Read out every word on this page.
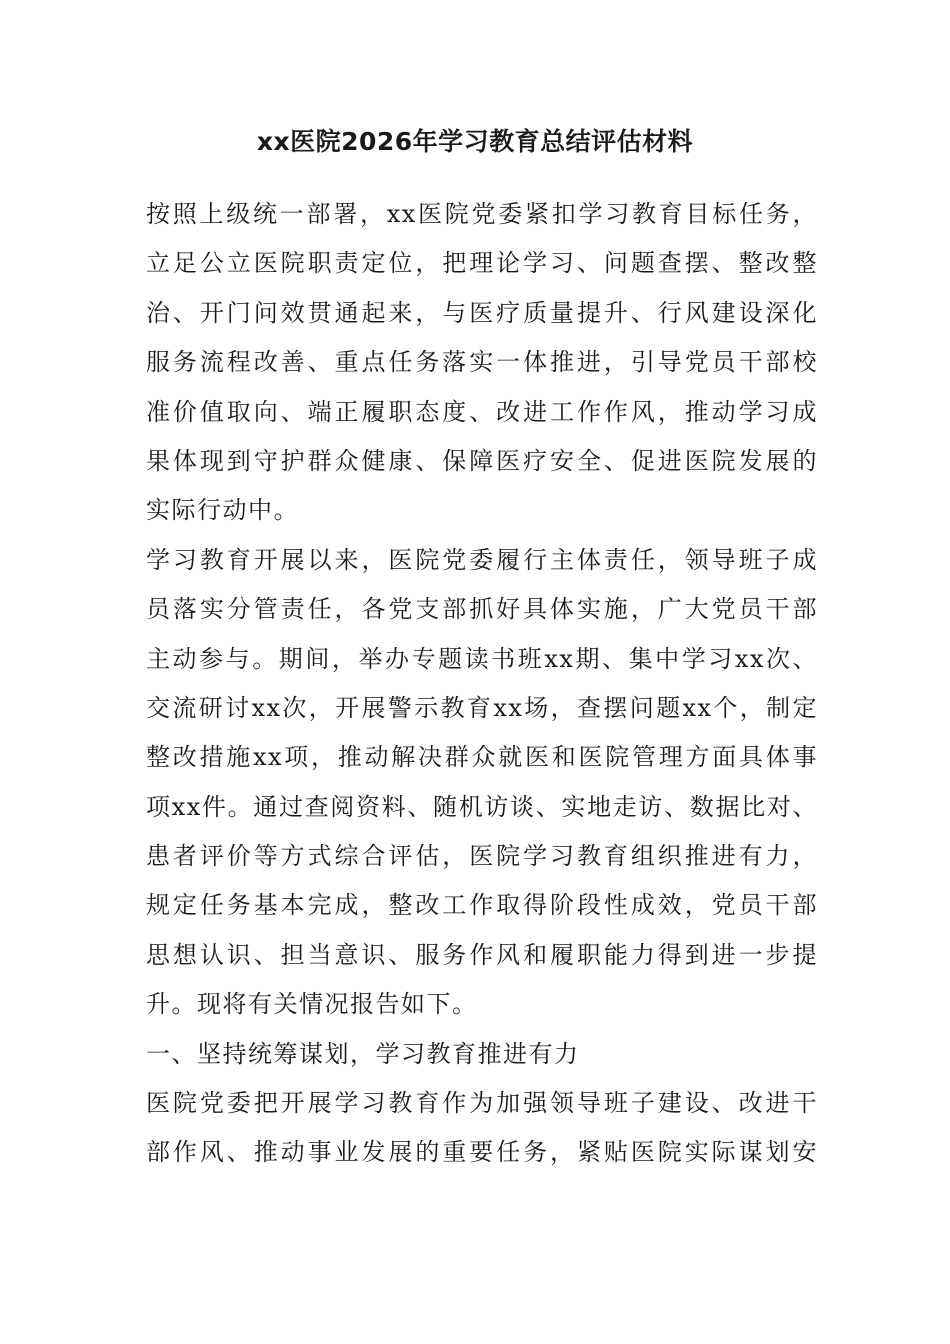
xx医院2026年学习教育总结评估材料
按照上级统一部署，xx医院党委紧扣学习教育目标任务，
立足公立医院职责定位，把理论学习、问题查摆、整改整
治、开门问效贯通起来，与医疗质量提升、行风建设深化
服务流程改善、重点任务落实一体推进，引导党员干部校
准价值取向、端正履职态度、改进工作作风，推动学习成
果体现到守护群众健康、保障医疗安全、促进医院发展的
实际行动中。
学习教育开展以来，医院党委履行主体责任，领导班子成
员落实分管责任，各党支部抓好具体实施，广大党员干部
主动参与。期间，举办专题读书班xx期、集中学习xx次、
交流研讨xx次，开展警示教育xx场，查摆问题xx个，制定
整改措施xx项，推动解决群众就医和医院管理方面具体事
项xx件。通过查阅资料、随机访谈、实地走访、数据比对、
患者评价等方式综合评估，医院学习教育组织推进有力，
规定任务基本完成，整改工作取得阶段性成效，党员干部
思想认识、担当意识、服务作风和履职能力得到进一步提
升。现将有关情况报告如下。
一、坚持统筹谋划，学习教育推进有力
医院党委把开展学习教育作为加强领导班子建设、改进干
部作风、推动事业发展的重要任务，紧贴医院实际谋划安
